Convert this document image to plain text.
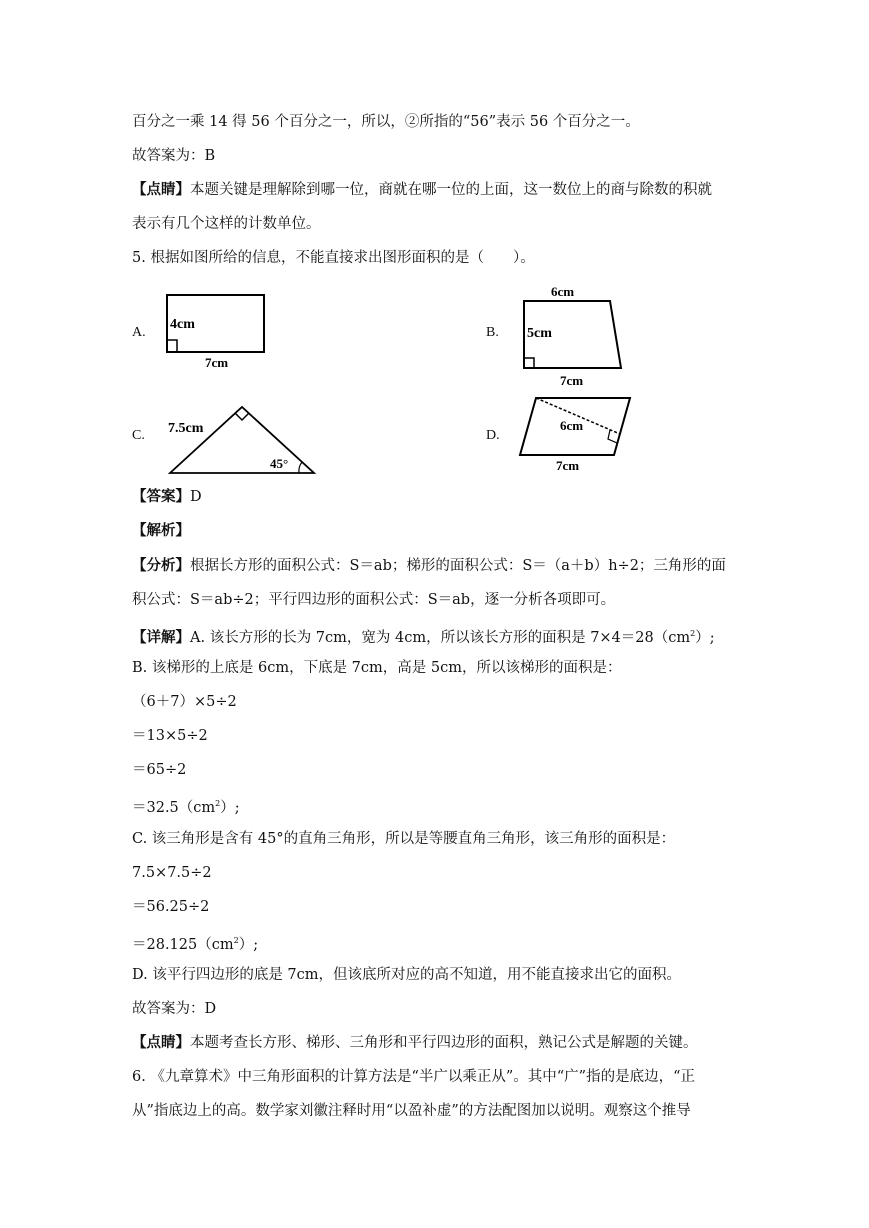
百分之一乘 14 得 56 个百分之一，所以，②所指的“56”表示 56 个百分之一。
故答案为：B
【点睛】本题关键是理解除到哪一位，商就在哪一位的上面，这一数位上的商与除数的积就
表示有几个这样的计数单位。
5. 根据如图所给的信息，不能直接求出图形面积的是（　　）。
A.	B.
C.	D.
4cm
7cm
6cm
5cm
7cm
7.5cm
45°
6cm
7cm
【答案】D
【解析】
【分析】根据长方形的面积公式：S＝ab；梯形的面积公式：S＝（a＋b）h÷2；三角形的面
积公式：S＝ab÷2；平行四边形的面积公式：S＝ab，逐一分析各项即可。
【详解】A. 该长方形的长为 7cm，宽为 4cm，所以该长方形的面积是 $7\times 4=28(cm^2)$;
B. 该梯形的上底是 6cm，下底是 7cm，高是 5cm，所以该梯形的面积是：
（6＋7）×5÷2
＝13×5÷2
＝65÷2
$=32.5(cm^2)$;
C. 该三角形是含有 45°的直角三角形，所以是等腰直角三角形，该三角形的面积是：
7.5×7.5÷2
＝56.25÷2
$=28.125(cm^2)$;
D. 该平行四边形的底是 7cm，但该底所对应的高不知道，用不能直接求出它的面积。
故答案为：D
【点睛】本题考查长方形、梯形、三角形和平行四边形的面积，熟记公式是解题的关键。
6. 《九章算术》中三角形面积的计算方法是“半广以乘正从”。其中“广”指的是底边，“正
从”指底边上的高。数学家刘徽注释时用“以盈补虚”的方法配图加以说明。观察这个推导
